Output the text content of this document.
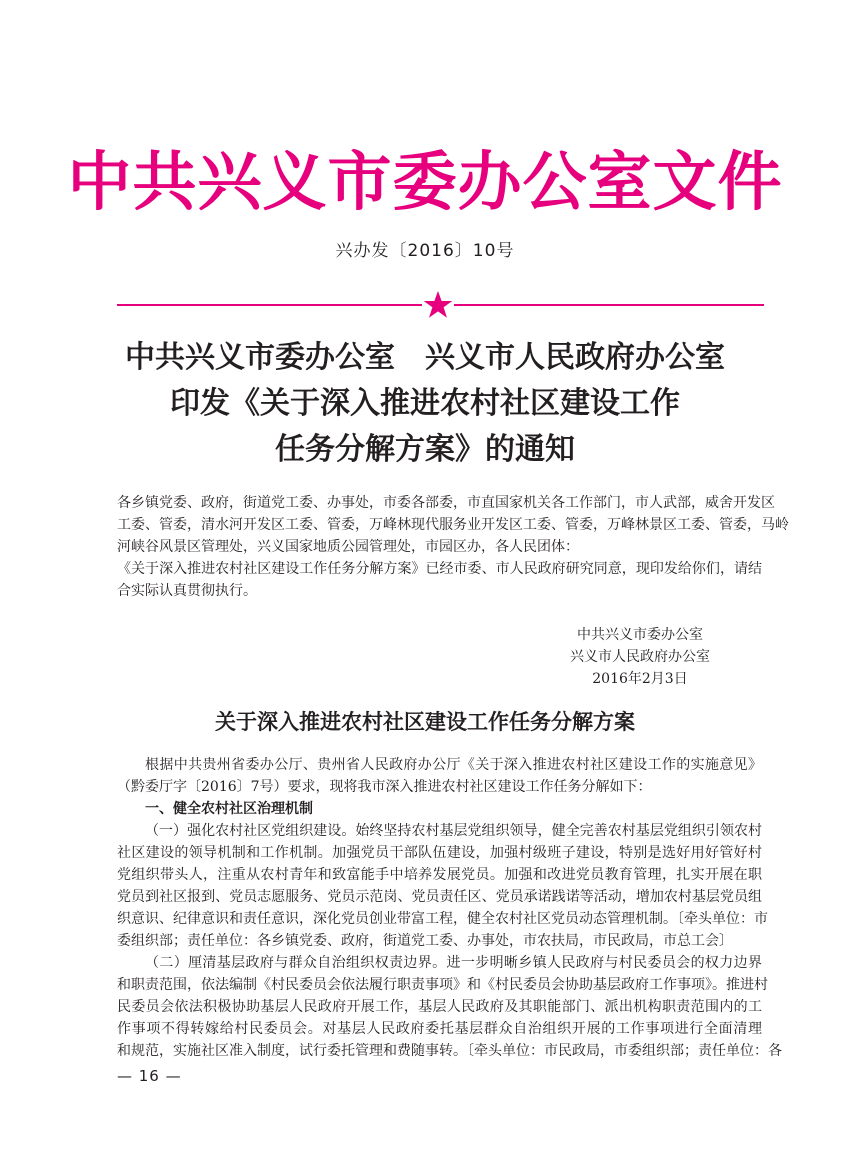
中共兴义市委办公室文件
兴办发〔2016〕10号
中共兴义市委办公室　兴义市人民政府办公室
印发《关于深入推进农村社区建设工作
任务分解方案》的通知
各乡镇党委、政府，街道党工委、办事处，市委各部委，市直国家机关各工作部门，市人武部，威舍开发区
工委、管委，清水河开发区工委、管委，万峰林现代服务业开发区工委、管委，万峰林景区工委、管委，马岭
河峡谷风景区管理处，兴义国家地质公园管理处，市园区办，各人民团体：
《关于深入推进农村社区建设工作任务分解方案》已经市委、市人民政府研究同意，现印发给你们，请结
合实际认真贯彻执行。
中共兴义市委办公室
兴义市人民政府办公室
2016年2月3日
关于深入推进农村社区建设工作任务分解方案
根据中共贵州省委办公厅、贵州省人民政府办公厅《关于深入推进农村社区建设工作的实施意见》
（黔委厅字〔2016〕7号）要求，现将我市深入推进农村社区建设工作任务分解如下：
一、健全农村社区治理机制
（一）强化农村社区党组织建设。始终坚持农村基层党组织领导，健全完善农村基层党组织引领农村
社区建设的领导机制和工作机制。加强党员干部队伍建设，加强村级班子建设，特别是选好用好管好村
党组织带头人，注重从农村青年和致富能手中培养发展党员。加强和改进党员教育管理，扎实开展在职
党员到社区报到、党员志愿服务、党员示范岗、党员责任区、党员承诺践诺等活动，增加农村基层党员组
织意识、纪律意识和责任意识，深化党员创业带富工程，健全农村社区党员动态管理机制。〔牵头单位：市
委组织部；责任单位：各乡镇党委、政府，街道党工委、办事处，市农扶局，市民政局，市总工会〕
（二）厘清基层政府与群众自治组织权责边界。进一步明晰乡镇人民政府与村民委员会的权力边界
和职责范围，依法编制《村民委员会依法履行职责事项》和《村民委员会协助基层政府工作事项》。推进村
民委员会依法积极协助基层人民政府开展工作，基层人民政府及其职能部门、派出机构职责范围内的工
作事项不得转嫁给村民委员会。对基层人民政府委托基层群众自治组织开展的工作事项进行全面清理
和规范，实施社区准入制度，试行委托管理和费随事转。〔牵头单位：市民政局，市委组织部；责任单位：各
— 16 —
